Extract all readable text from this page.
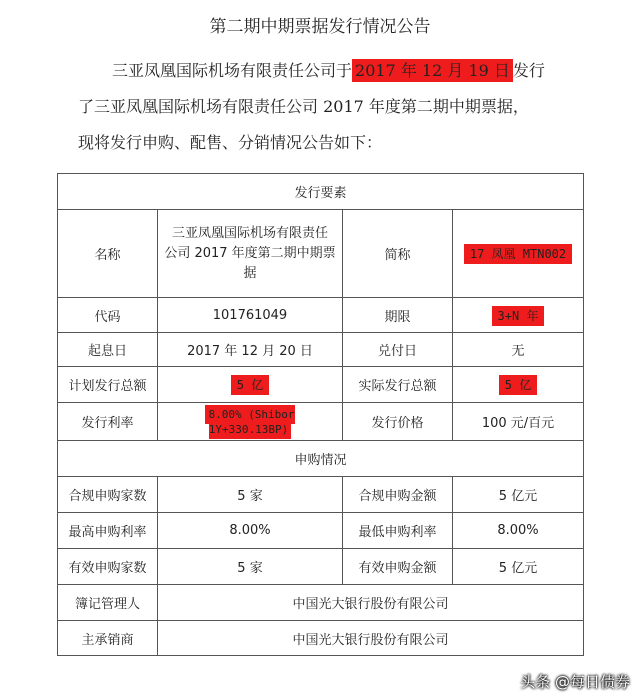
第二期中期票据发行情况公告
三亚凤凰国际机场有限责任公司于 2017 年 12 月 19 日 发行
了三亚凤凰国际机场有限责任公司 2017 年度第二期中期票据，
现将发行申购、配售、分销情况公告如下：
发行要素			
名称	三亚凤凰国际机场有限责任
公司 2017 年度第二期中期票
据	简称	17 凤凰 MTN002
代码	101761049	期限	3+N 年
起息日	2017 年 12 月 20 日	兑付日	无
计划发行总额	5 亿	实际发行总额	5 亿
发行利率	8.00% (Shibor 1Y+330.13BP)	发行价格	100 元/百元
申购情况			
合规申购家数	5 家	合规申购金额	5 亿元
最高申购利率	8.00%	最低申购利率	8.00%
有效申购家数	5 家	有效申购金额	5 亿元
簿记管理人	中国光大银行股份有限公司		
主承销商	中国光大银行股份有限公司		
头条 @每日债券
